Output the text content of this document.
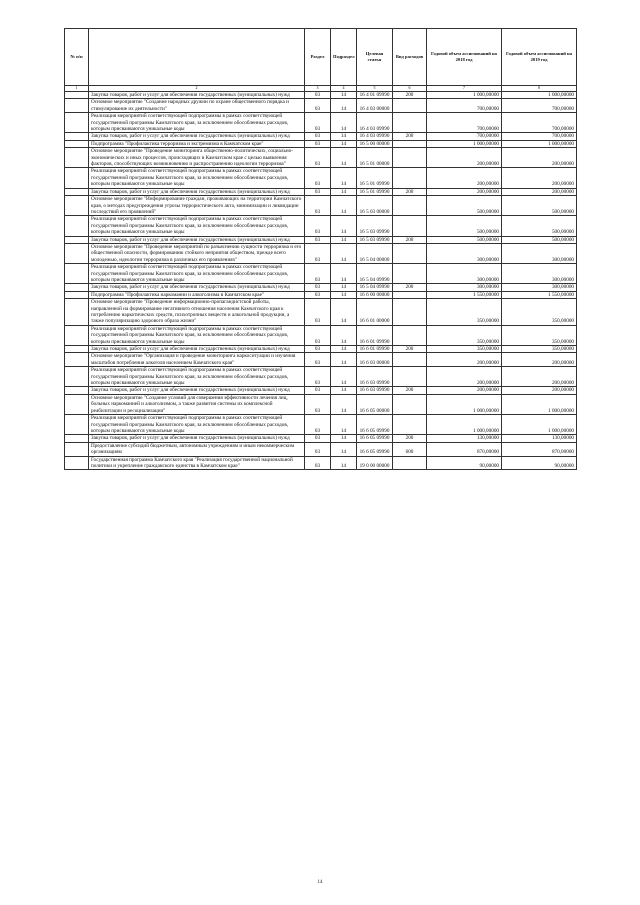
№ п/п		Раздел	Подраздел	Целевая статья	Вид расходов	Годовой объем ассигнований на 2018 год	Годовой объем ассигнований на 2019 год
1	2	3	4	5	6	7	8
	Закупка товаров, работ и услуг для обеспечения государственных (муниципальных) нужд	03	14	16 4 01 09990	200	1 000,00000	1 000,00000
	Основное мероприятие "Создание народных дружин по охране общественного порядка и стимулирование их деятельности"	03	14	16 4 03 00000		700,00000	700,00000
	Реализация мероприятий соответствующей подпрограммы в рамках соответствующей государственной программы Камчатского края, за исключением обособленных расходов, которым присваиваются уникальные коды	03	14	16 4 03 09990		700,00000	700,00000
	Закупка товаров, работ и услуг для обеспечения государственных (муниципальных) нужд	03	14	16 4 03 09990	200	700,00000	700,00000
	Подпрограмма "Профилактика терроризма и экстремизма в Камчатском крае"	03	14	16 5 00 00000		1 000,00000	1 000,00000
	Основное мероприятие "Проведение мониторинга общественно-политических, социально-экономических и иных процессов, происходящих в Камчатском крае с целью выявления факторов, способствующих возникновению и распространению идеологии терроризма"	03	14	16 5 01 00000		200,00000	200,00000
	Реализация мероприятий соответствующей подпрограммы в рамках соответствующей государственной программы Камчатского края, за исключением обособленных расходов, которым присваиваются уникальные коды	03	14	16 5 01 09990		200,00000	200,00000
	Закупка товаров, работ и услуг для обеспечения государственных (муниципальных) нужд	03	14	16 5 01 09990	200	200,00000	200,00000
	Основное мероприятие "Информирование граждан, проживающих на территории Камчатского края, о методах предупреждения угрозы террористического акта, минимизации и ликвидации последствий его проявлений"	03	14	16 5 03 00000		500,00000	500,00000
	Реализация мероприятий соответствующей подпрограммы в рамках соответствующей государственной программы Камчатского края, за исключением обособленных расходов, которым присваиваются уникальные коды	03	14	16 5 03 09990		500,00000	500,00000
	Закупка товаров, работ и услуг для обеспечения государственных (муниципальных) нужд	03	14	16 5 03 09990	200	500,00000	500,00000
	Основное мероприятие "Проведение мероприятий по разъяснению сущности терроризма и его общественной опасности, формированию стойкого неприятия обществом, прежде всего молодежью, идеологии терроризма в различных его проявлениях"	03	14	16 5 04 00000		300,00000	300,00000
	Реализация мероприятий соответствующей подпрограммы в рамках соответствующей государственной программы Камчатского края, за исключением обособленных расходов, которым присваиваются уникальные коды	03	14	16 5 04 09990		300,00000	300,00000
	Закупка товаров, работ и услуг для обеспечения государственных (муниципальных) нужд	03	14	16 5 04 09990	200	300,00000	300,00000
	Подпрограмма "Профилактика наркомании и алкоголизма в Камчатском крае"	03	14	16 6 00 00000		1 550,00000	1 550,00000
	Основное мероприятие "Проведение информационно-пропагандистской работы, направленной на формирование негативного отношения населения Камчатского края к потреблению наркотических средств, психотропных веществ и алкогольной продукции, а также популяризацию здорового образа жизни"	03	14	16 6 01 00000		350,00000	350,00000
	Реализация мероприятий соответствующей подпрограммы в рамках соответствующей государственной программы Камчатского края, за исключением обособленных расходов, которым присваиваются уникальные коды	03	14	16 6 01 09990		350,00000	350,00000
	Закупка товаров, работ и услуг для обеспечения государственных (муниципальных) нужд	03	14	16 6 01 09990	200	350,00000	350,00000
	Основное мероприятие "Организация и проведение мониторинга наркоситуации и изучения масштабов потребления алкоголя населением Камчатского края"	03	14	16 6 03 00000		200,00000	200,00000
	Реализация мероприятий соответствующей подпрограммы в рамках соответствующей государственной программы Камчатского края, за исключением обособленных расходов, которым присваиваются уникальные коды	03	14	16 6 03 09990		200,00000	200,00000
	Закупка товаров, работ и услуг для обеспечения государственных (муниципальных) нужд	03	14	16 6 03 09990	200	200,00000	200,00000
	Основное мероприятие "Создание условий для совершения эффективности лечения лиц, больных наркоманией и алкоголизмом, а также развития системы их комплексной реабилитации и ресоциализации"	03	14	16 6 05 00000		1 000,00000	1 000,00000
	Реализация мероприятий соответствующей подпрограммы в рамках соответствующей государственной программы Камчатского края, за исключением обособленных расходов, которым присваиваются уникальные коды	03	14	16 6 05 09990		1 000,00000	1 000,00000
	Закупка товаров, работ и услуг для обеспечения государственных (муниципальных) нужд	03	14	16 6 05 09990	200	130,00000	130,00000
	Предоставление субсидий бюджетным, автономным учреждениям и иным некоммерческим организациям	03	14	16 6 05 09990	600	870,00000	870,00000
	Государственная программа Камчатского края "Реализация государственной национальной политики и укрепление гражданского единства в Камчатском крае"	03	14	19 0 00 00000		90,00000	90,00000
14
